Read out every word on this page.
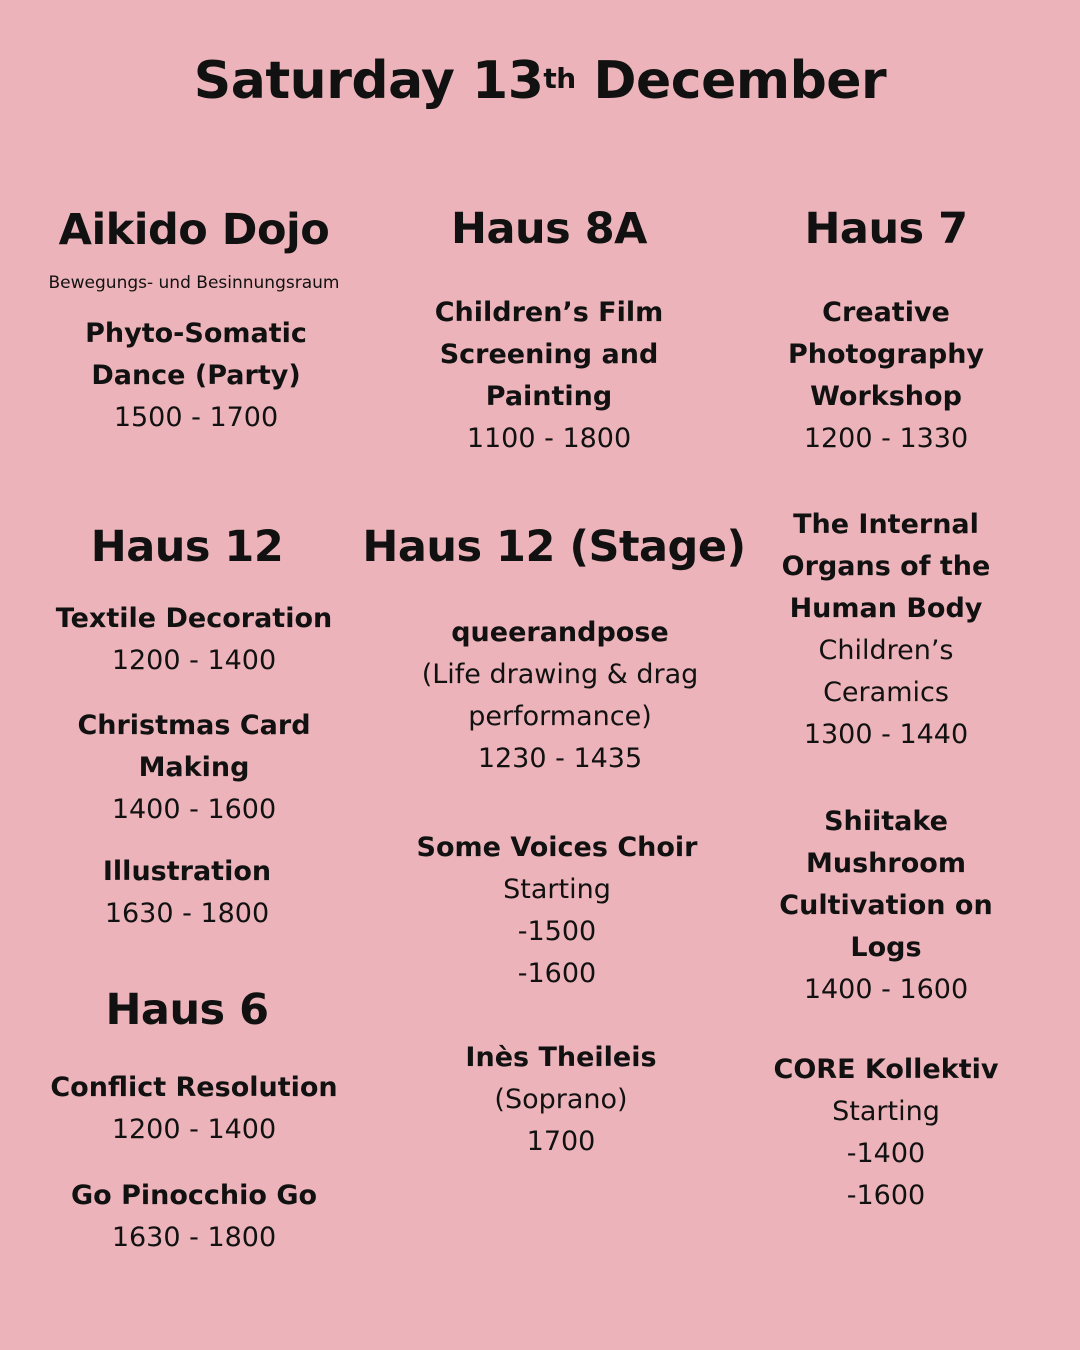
Saturday 13th December
Aikido Dojo
Bewegungs- und Besinnungsraum
Phyto-Somatic
Dance (Party)
1500 - 1700
Haus 8A
Children’s Film
Screening and
Painting
1100 - 1800
Haus 7
Creative
Photography
Workshop
1200 - 1330
The Internal
Organs of the
Human Body
Children’s
Ceramics
1300 - 1440
Shiitake
Mushroom
Cultivation on
Logs
1400 - 1600
CORE Kollektiv
Starting
-1400
-1600
Haus 12
Textile Decoration
1200 - 1400
Christmas Card
Making
1400 - 1600
Illustration
1630 - 1800
Haus 12 (Stage)
queerandpose
(Life drawing & drag
performance)
1230 - 1435
Some Voices Choir
Starting
-1500
-1600
Inès Theileis
(Soprano)
1700
Haus 6
Conflict Resolution
1200 - 1400
Go Pinocchio Go
1630 - 1800
